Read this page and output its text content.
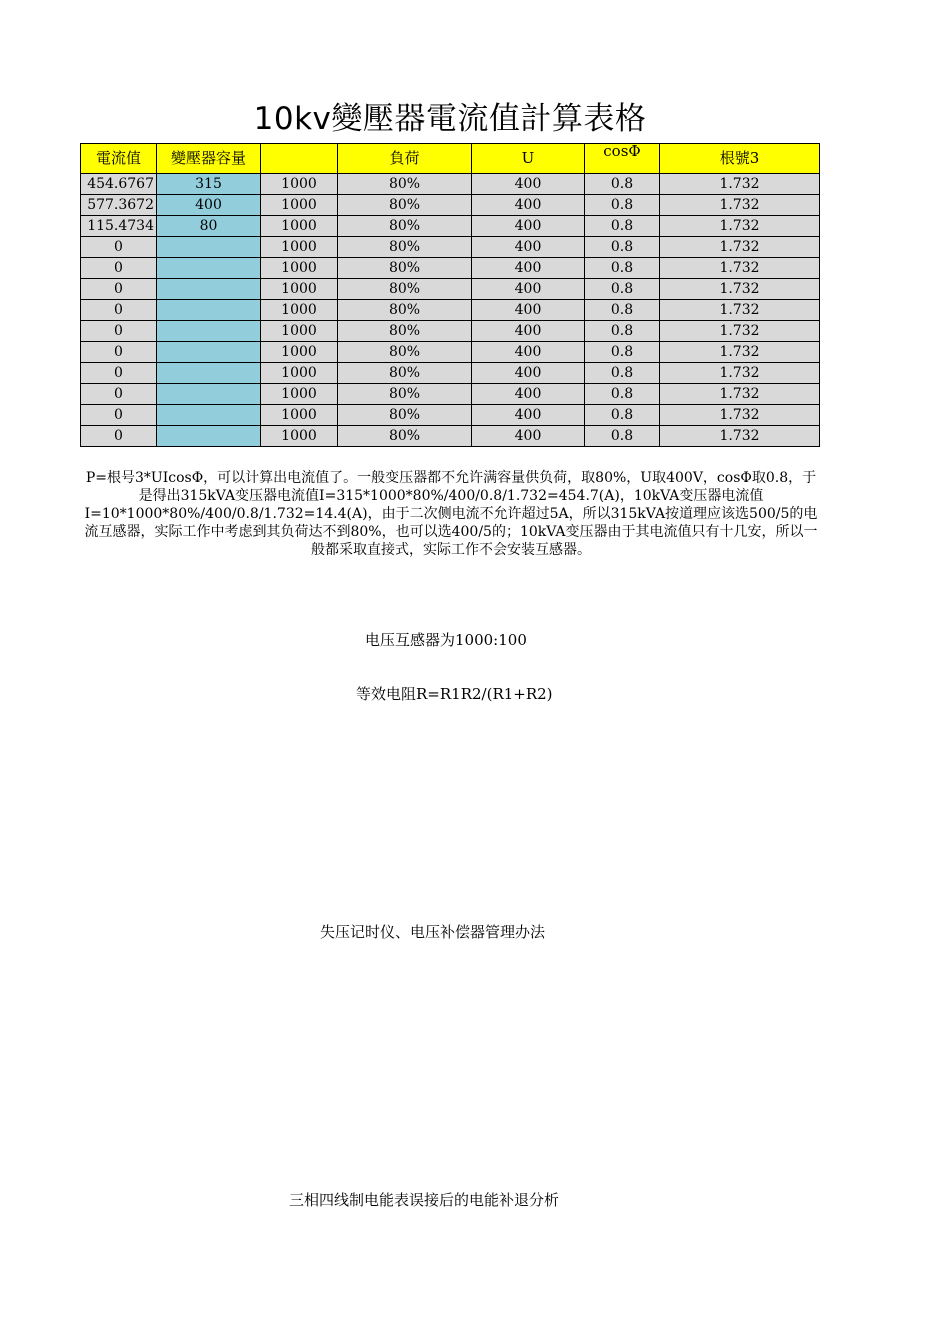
10kv變壓器電流值計算表格
電流值	變壓器容量		負荷	U	cosΦ	根號3
454.6767	315	1000	80%	400	0.8	1.732
577.3672	400	1000	80%	400	0.8	1.732
115.4734	80	1000	80%	400	0.8	1.732
0		1000	80%	400	0.8	1.732
0		1000	80%	400	0.8	1.732
0		1000	80%	400	0.8	1.732
0		1000	80%	400	0.8	1.732
0		1000	80%	400	0.8	1.732
0		1000	80%	400	0.8	1.732
0		1000	80%	400	0.8	1.732
0		1000	80%	400	0.8	1.732
0		1000	80%	400	0.8	1.732
0		1000	80%	400	0.8	1.732
P=根号3*UIcosΦ，可以计算出电流值了。一般变压器都不允许满容量供负荷，取80%，U取400V，cosΦ取0.8，于是得出315kVA变压器电流值I=315*1000*80%/400/0.8/1.732=454.7(A)，10kVA变压器电流值I=10*1000*80%/400/0.8/1.732=14.4(A)，由于二次侧电流不允许超过5A，所以315kVA按道理应该选500/5的电流互感器，实际工作中考虑到其负荷达不到80%，也可以选400/5的；10kVA变压器由于其电流值只有十几安，所以一般都采取直接式，实际工作不会安装互感器。
电压互感器为1000:100
等效电阻R=R1R2/(R1+R2)
失压记时仪、电压补偿器管理办法
三相四线制电能表误接后的电能补退分析
